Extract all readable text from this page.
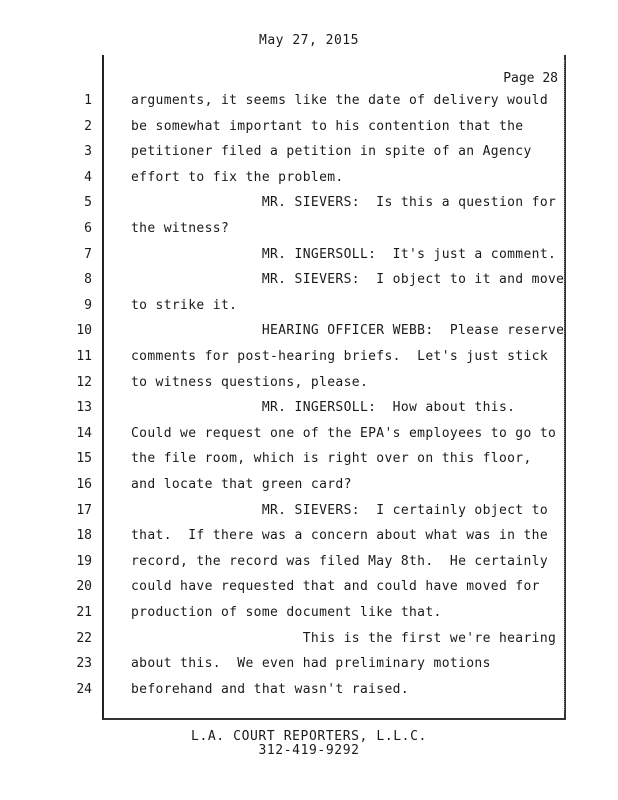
May 27, 2015
Page 28
1	arguments, it seems like the date of delivery would
2	be somewhat important to his contention that the
3	petitioner filed a petition in spite of an Agency
4	effort to fix the problem.
5	MR. SIEVERS:  Is this a question for
6	the witness?
7	MR. INGERSOLL:  It's just a comment.
8	MR. SIEVERS:  I object to it and move
9	to strike it.
10	HEARING OFFICER WEBB:  Please reserve
11	comments for post-hearing briefs.  Let's just stick
12	to witness questions, please.
13	MR. INGERSOLL:  How about this.
14	Could we request one of the EPA's employees to go to
15	the file room, which is right over on this floor,
16	and locate that green card?
17	MR. SIEVERS:  I certainly object to
18	that.  If there was a concern about what was in the
19	record, the record was filed May 8th.  He certainly
20	could have requested that and could have moved for
21	production of some document like that.
22	This is the first we're hearing
23	about this.  We even had preliminary motions
24	beforehand and that wasn't raised.
L.A. COURT REPORTERS, L.L.C.
312-419-9292
